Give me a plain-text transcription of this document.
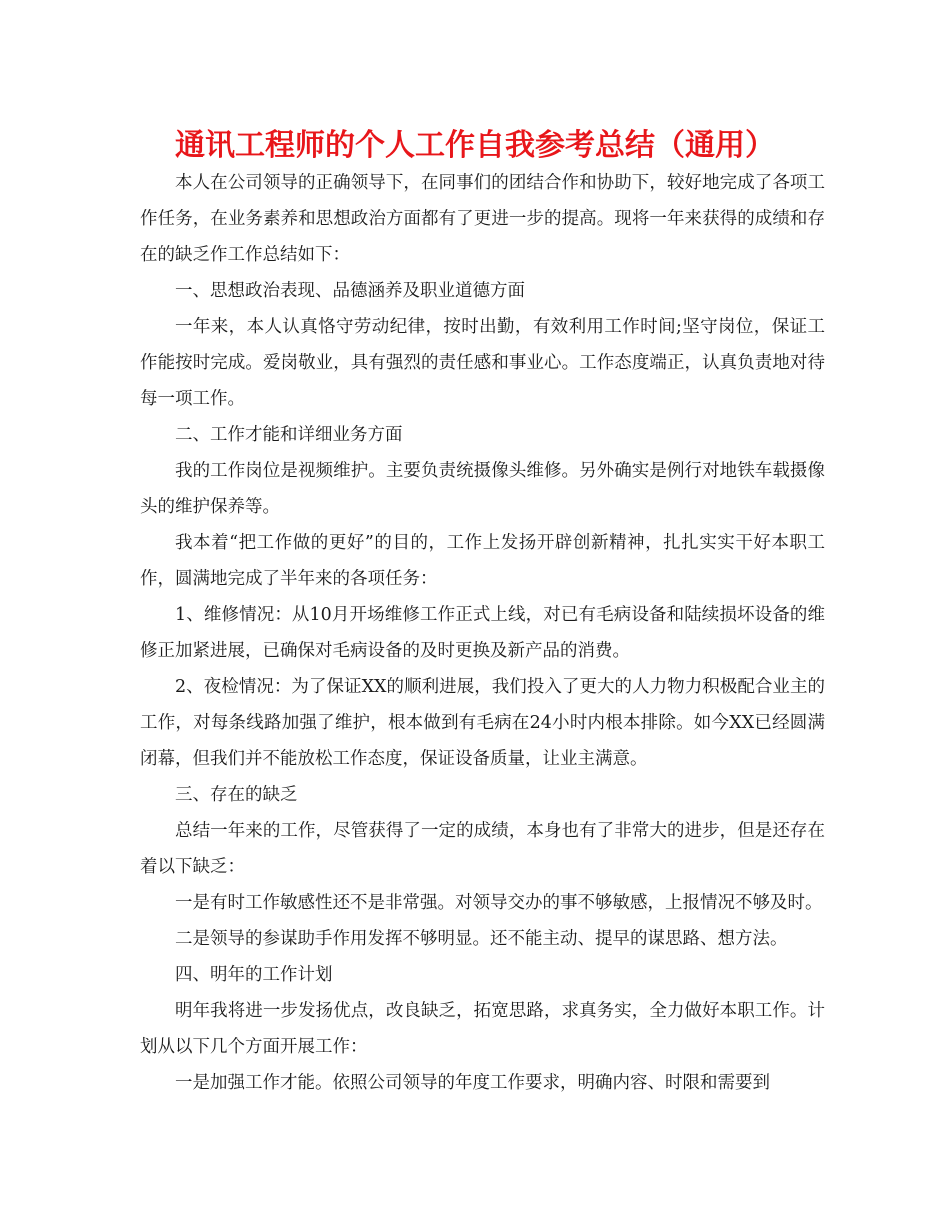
通讯工程师的个人工作自我参考总结（通用）

本人在公司领导的正确领导下，在同事们的团结合作和协助下，较好地完成了各项工作任务，在业务素养和思想政治方面都有了更进一步的提高。现将一年来获得的成绩和存在的缺乏作工作总结如下：

一、思想政治表现、品德涵养及职业道德方面

一年来，本人认真恪守劳动纪律，按时出勤，有效利用工作时间;坚守岗位，保证工作能按时完成。爱岗敬业，具有强烈的责任感和事业心。工作态度端正，认真负责地对待每一项工作。

二、工作才能和详细业务方面

我的工作岗位是视频维护。主要负责统摄像头维修。另外确实是例行对地铁车载摄像头的维护保养等。

我本着“把工作做的更好”的目的，工作上发扬开辟创新精神，扎扎实实干好本职工作，圆满地完成了半年来的各项任务：

1、维修情况：从10月开场维修工作正式上线，对已有毛病设备和陆续损坏设备的维修正加紧进展，已确保对毛病设备的及时更换及新产品的消费。

2、夜检情况：为了保证XX的顺利进展，我们投入了更大的人力物力积极配合业主的工作，对每条线路加强了维护，根本做到有毛病在24小时内根本排除。如今XX已经圆满闭幕，但我们并不能放松工作态度，保证设备质量，让业主满意。

三、存在的缺乏

总结一年来的工作，尽管获得了一定的成绩，本身也有了非常大的进步，但是还存在着以下缺乏：

一是有时工作敏感性还不是非常强。对领导交办的事不够敏感，上报情况不够及时。

二是领导的参谋助手作用发挥不够明显。还不能主动、提早的谋思路、想方法。

四、明年的工作计划

明年我将进一步发扬优点，改良缺乏，拓宽思路，求真务实，全力做好本职工作。计划从以下几个方面开展工作：

一是加强工作才能。依照公司领导的年度工作要求，明确内容、时限和需要到
